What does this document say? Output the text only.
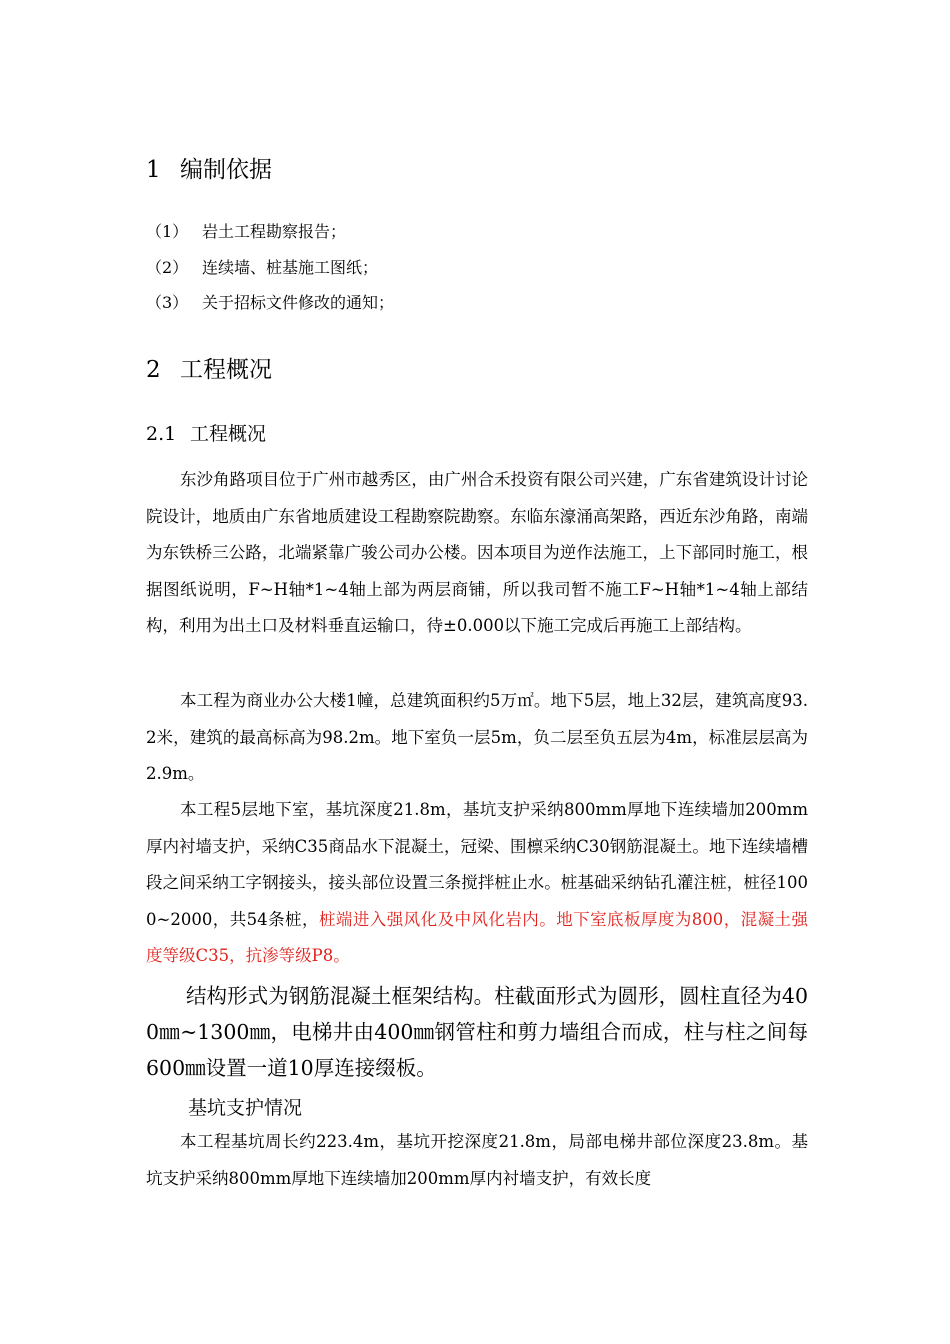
1 编制依据
（1） 岩土工程勘察报告；
（2） 连续墙、桩基施工图纸；
（3） 关于招标文件修改的通知；
2 工程概况
2.1 工程概况
东沙角路项目位于广州市越秀区，由广州合禾投资有限公司兴建，广东省建筑设计讨论院设计，地质由广东省地质建设工程勘察院勘察。东临东濠涌高架路，西近东沙角路，南端为东铁桥三公路，北端紧靠广骏公司办公楼。因本项目为逆作法施工，上下部同时施工，根据图纸说明，F~H轴*1~4轴上部为两层商铺，所以我司暂不施工F~H轴*1~4轴上部结构，利用为出土口及材料垂直运输口，待±0.000以下施工完成后再施工上部结构。
本工程为商业办公大楼1幢，总建筑面积约5万㎡。地下5层，地上32层，建筑高度93.2米，建筑的最高标高为98.2m。地下室负一层5m，负二层至负五层为4m，标准层层高为2.9m。
本工程5层地下室，基坑深度21.8m，基坑支护采纳800mm厚地下连续墙加200mm厚内衬墙支护，采纳C35商品水下混凝土，冠梁、围檩采纳C30钢筋混凝土。地下连续墙槽段之间采纳工字钢接头，接头部位设置三条搅拌桩止水。桩基础采纳钻孔灌注桩，桩径1000~2000，共54条桩，桩端进入强风化及中风化岩内。地下室底板厚度为800，混凝土强度等级C35，抗渗等级P8。
结构形式为钢筋混凝土框架结构。柱截面形式为圆形，圆柱直径为400㎜~1300㎜，电梯井由400㎜钢管柱和剪力墙组合而成，柱与柱之间每600㎜设置一道10厚连接缀板。
基坑支护情况
本工程基坑周长约223.4m，基坑开挖深度21.8m，局部电梯井部位深度23.8m。基坑支护采纳800mm厚地下连续墙加200mm厚内衬墙支护，有效长度
